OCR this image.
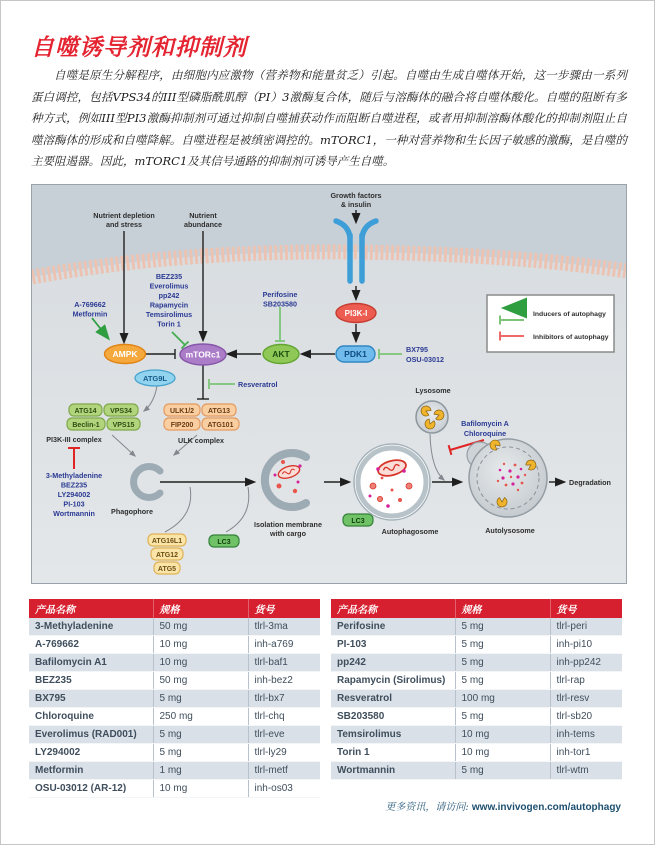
自噬诱导剂和抑制剂
自噬是原生分解程序，由细胞内应激物（营养物和能量贫乏）引起。自噬由生成自噬体开始，这一步骤由一系列蛋白调控，包括VPS34的III型磷脂酰肌醇（PI）3激酶复合体，随后与溶酶体的融合将自噬体酸化。自噬的阻断有多种方式，例如III型PI3激酶抑制剂可通过抑制自噬捕获动作而阻断自噬进程，或者用抑制溶酶体酸化的抑制剂阻止自噬溶酶体的形成和自噬降解。自噬进程是被缜密调控的。mTORC1，一种对营养物和生长因子敏感的激酶，是自噬的主要阻遏器。因此，mTORC1及其信号通路的抑制剂可诱导产生自噬。
Inducers of autophagy
Inhibitors of autophagy
AMPK	mTORc1	AKT	PDK1
PI3K-I
ATG9L
ATG14 VPS34
Beclin-1 VPS15
ULK1/2 ATG13
FIP200 ATG101
ATG16L1
ATG12
ATG5
LC3
LC3
Nutrient depletion
and stress
Nutrient
abundance
Growth factors
& insulin
PI3K-III complex	ULK complex
Phagophore
Isolation membrane
with cargo	Autophagosome	Autolysosome
Lysosome
Degradation
A-769662
Metformin
BEZ235
Everolimus
pp242
Rapamycin
Temsirolimus
Torin 1
Perifosine
SB203580
BX795
OSU-03012
Resveratrol
3-Methyladenine
BEZ235
LY294002
PI-103
Wortmannin
Bafilomycin A
Chloroquine
产品名称	规格	货号
3-Methyladenine	50 mg	tlrl-3ma
A-769662	10 mg	inh-a769
Bafilomycin A1	10 mg	tlrl-baf1
BEZ235	50 mg	inh-bez2
BX795	5 mg	tlrl-bx7
Chloroquine	250 mg	tlrl-chq
Everolimus (RAD001)	5 mg	tlrl-eve
LY294002	5 mg	tlrl-ly29
Metformin	1 mg	tlrl-metf
OSU-03012 (AR-12)	10 mg	inh-os03
产品名称	规格	货号
Perifosine	5 mg	tlrl-peri
PI-103	5 mg	inh-pi10
pp242	5 mg	inh-pp242
Rapamycin (Sirolimus)	5 mg	tlrl-rap
Resveratrol	100 mg	tlrl-resv
SB203580	5 mg	tlrl-sb20
Temsirolimus	10 mg	inh-tems
Torin 1	10 mg	inh-tor1
Wortmannin	5 mg	tlrl-wtm
更多资讯，请访问: www.invivogen.com/autophagy
